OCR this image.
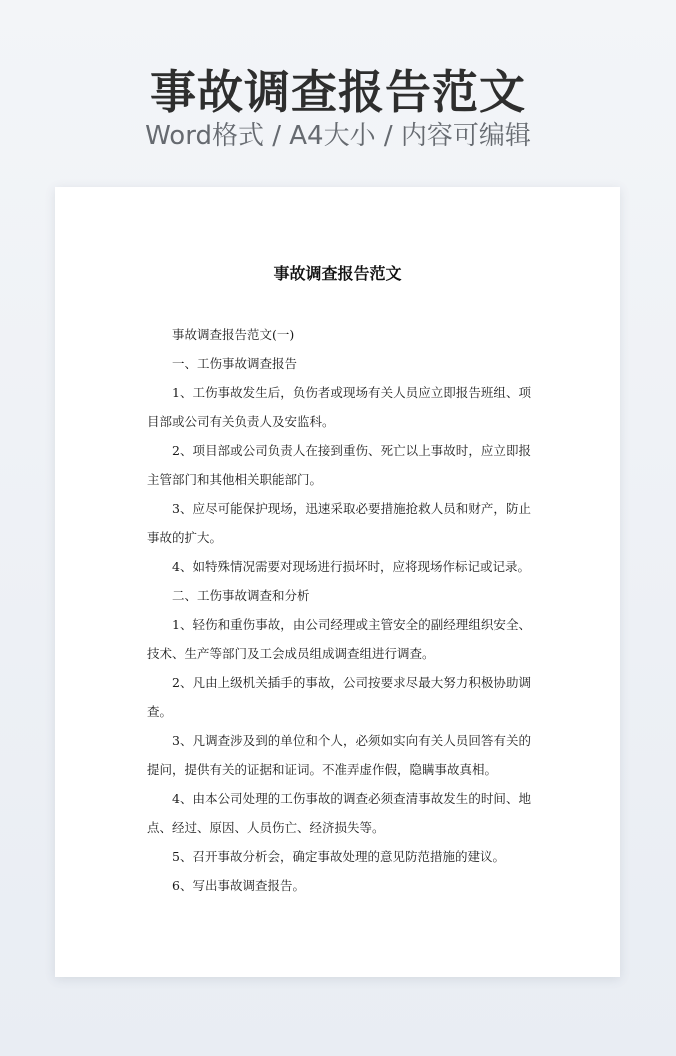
事故调查报告范文
Word格式 / A4大小 / 内容可编辑
事故调查报告范文

事故调查报告范文(一)

一、工伤事故调查报告

1、工伤事故发生后，负伤者或现场有关人员应立即报告班组、项目部或公司有关负责人及安监科。

2、项目部或公司负责人在接到重伤、死亡以上事故时，应立即报主管部门和其他相关职能部门。

3、应尽可能保护现场，迅速采取必要措施抢救人员和财产，防止事故的扩大。

4、如特殊情况需要对现场进行损坏时，应将现场作标记或记录。

二、工伤事故调查和分析

1、轻伤和重伤事故，由公司经理或主管安全的副经理组织安全、技术、生产等部门及工会成员组成调查组进行调查。

2、凡由上级机关插手的事故，公司按要求尽最大努力积极协助调查。

3、凡调查涉及到的单位和个人，必须如实向有关人员回答有关的提问，提供有关的证据和证词。不准弄虚作假，隐瞒事故真相。

4、由本公司处理的工伤事故的调查必须查清事故发生的时间、地点、经过、原因、人员伤亡、经济损失等。

5、召开事故分析会，确定事故处理的意见防范措施的建议。

6、写出事故调查报告。
